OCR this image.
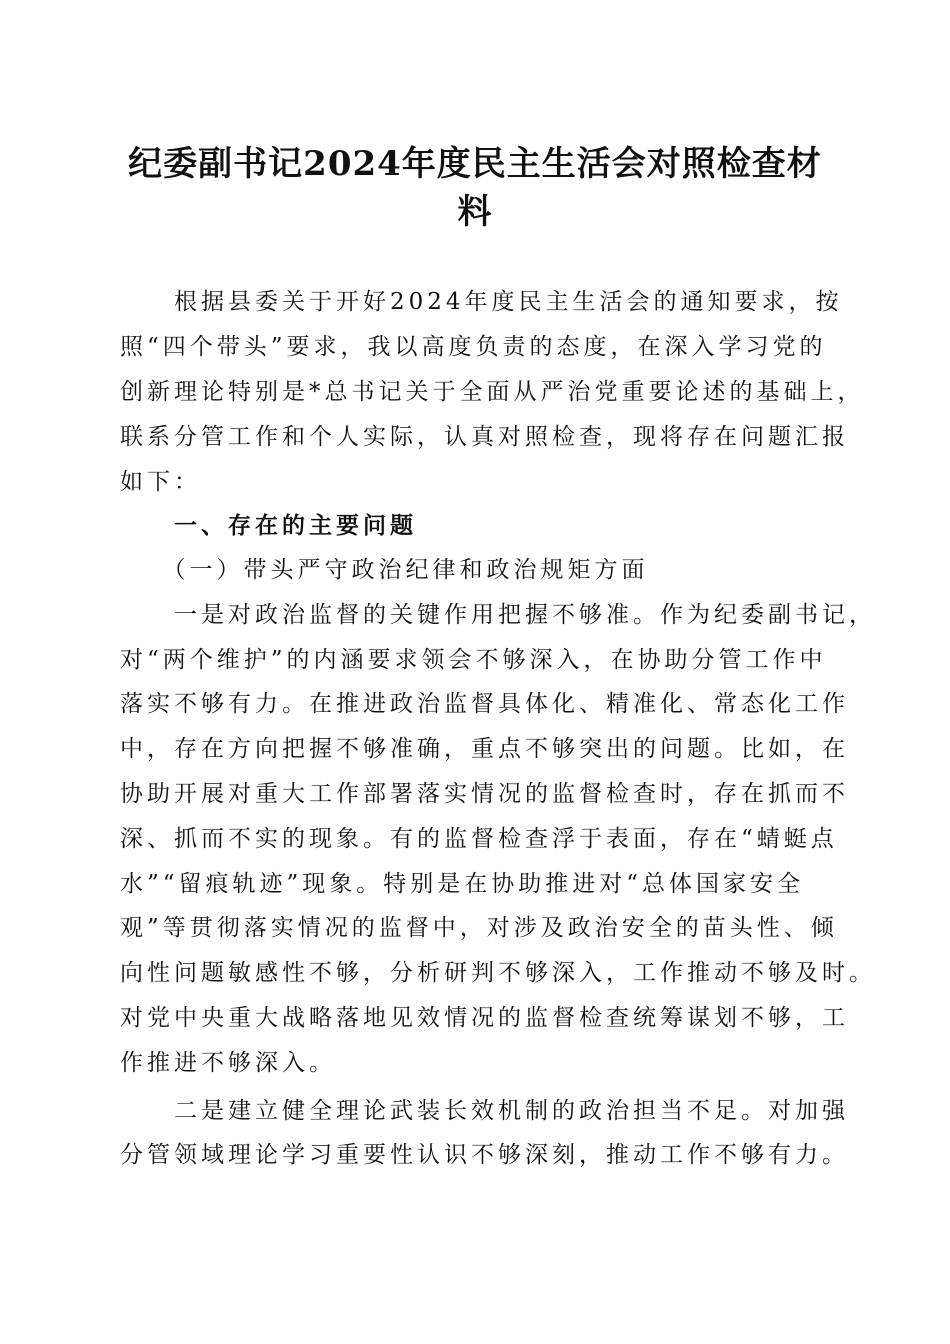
纪委副书记2024年度民主生活会对照检查材
料
　　根据县委关于开好2024年度民主生活会的通知要求，按
照“四个带头”要求，我以高度负责的态度，在深入学习党的
创新理论特别是*总书记关于全面从严治党重要论述的基础上，
联系分管工作和个人实际，认真对照检查，现将存在问题汇报
如下：
　　一、存在的主要问题
　　（一）带头严守政治纪律和政治规矩方面
　　一是对政治监督的关键作用把握不够准。作为纪委副书记，
对“两个维护”的内涵要求领会不够深入，在协助分管工作中
落实不够有力。在推进政治监督具体化、精准化、常态化工作
中，存在方向把握不够准确，重点不够突出的问题。比如，在
协助开展对重大工作部署落实情况的监督检查时，存在抓而不
深、抓而不实的现象。有的监督检查浮于表面，存在“蜻蜓点
水”“留痕轨迹”现象。特别是在协助推进对“总体国家安全
观”等贯彻落实情况的监督中，对涉及政治安全的苗头性、倾
向性问题敏感性不够，分析研判不够深入，工作推动不够及时。
对党中央重大战略落地见效情况的监督检查统筹谋划不够，工
作推进不够深入。
　　二是建立健全理论武装长效机制的政治担当不足。对加强
分管领域理论学习重要性认识不够深刻，推动工作不够有力。
